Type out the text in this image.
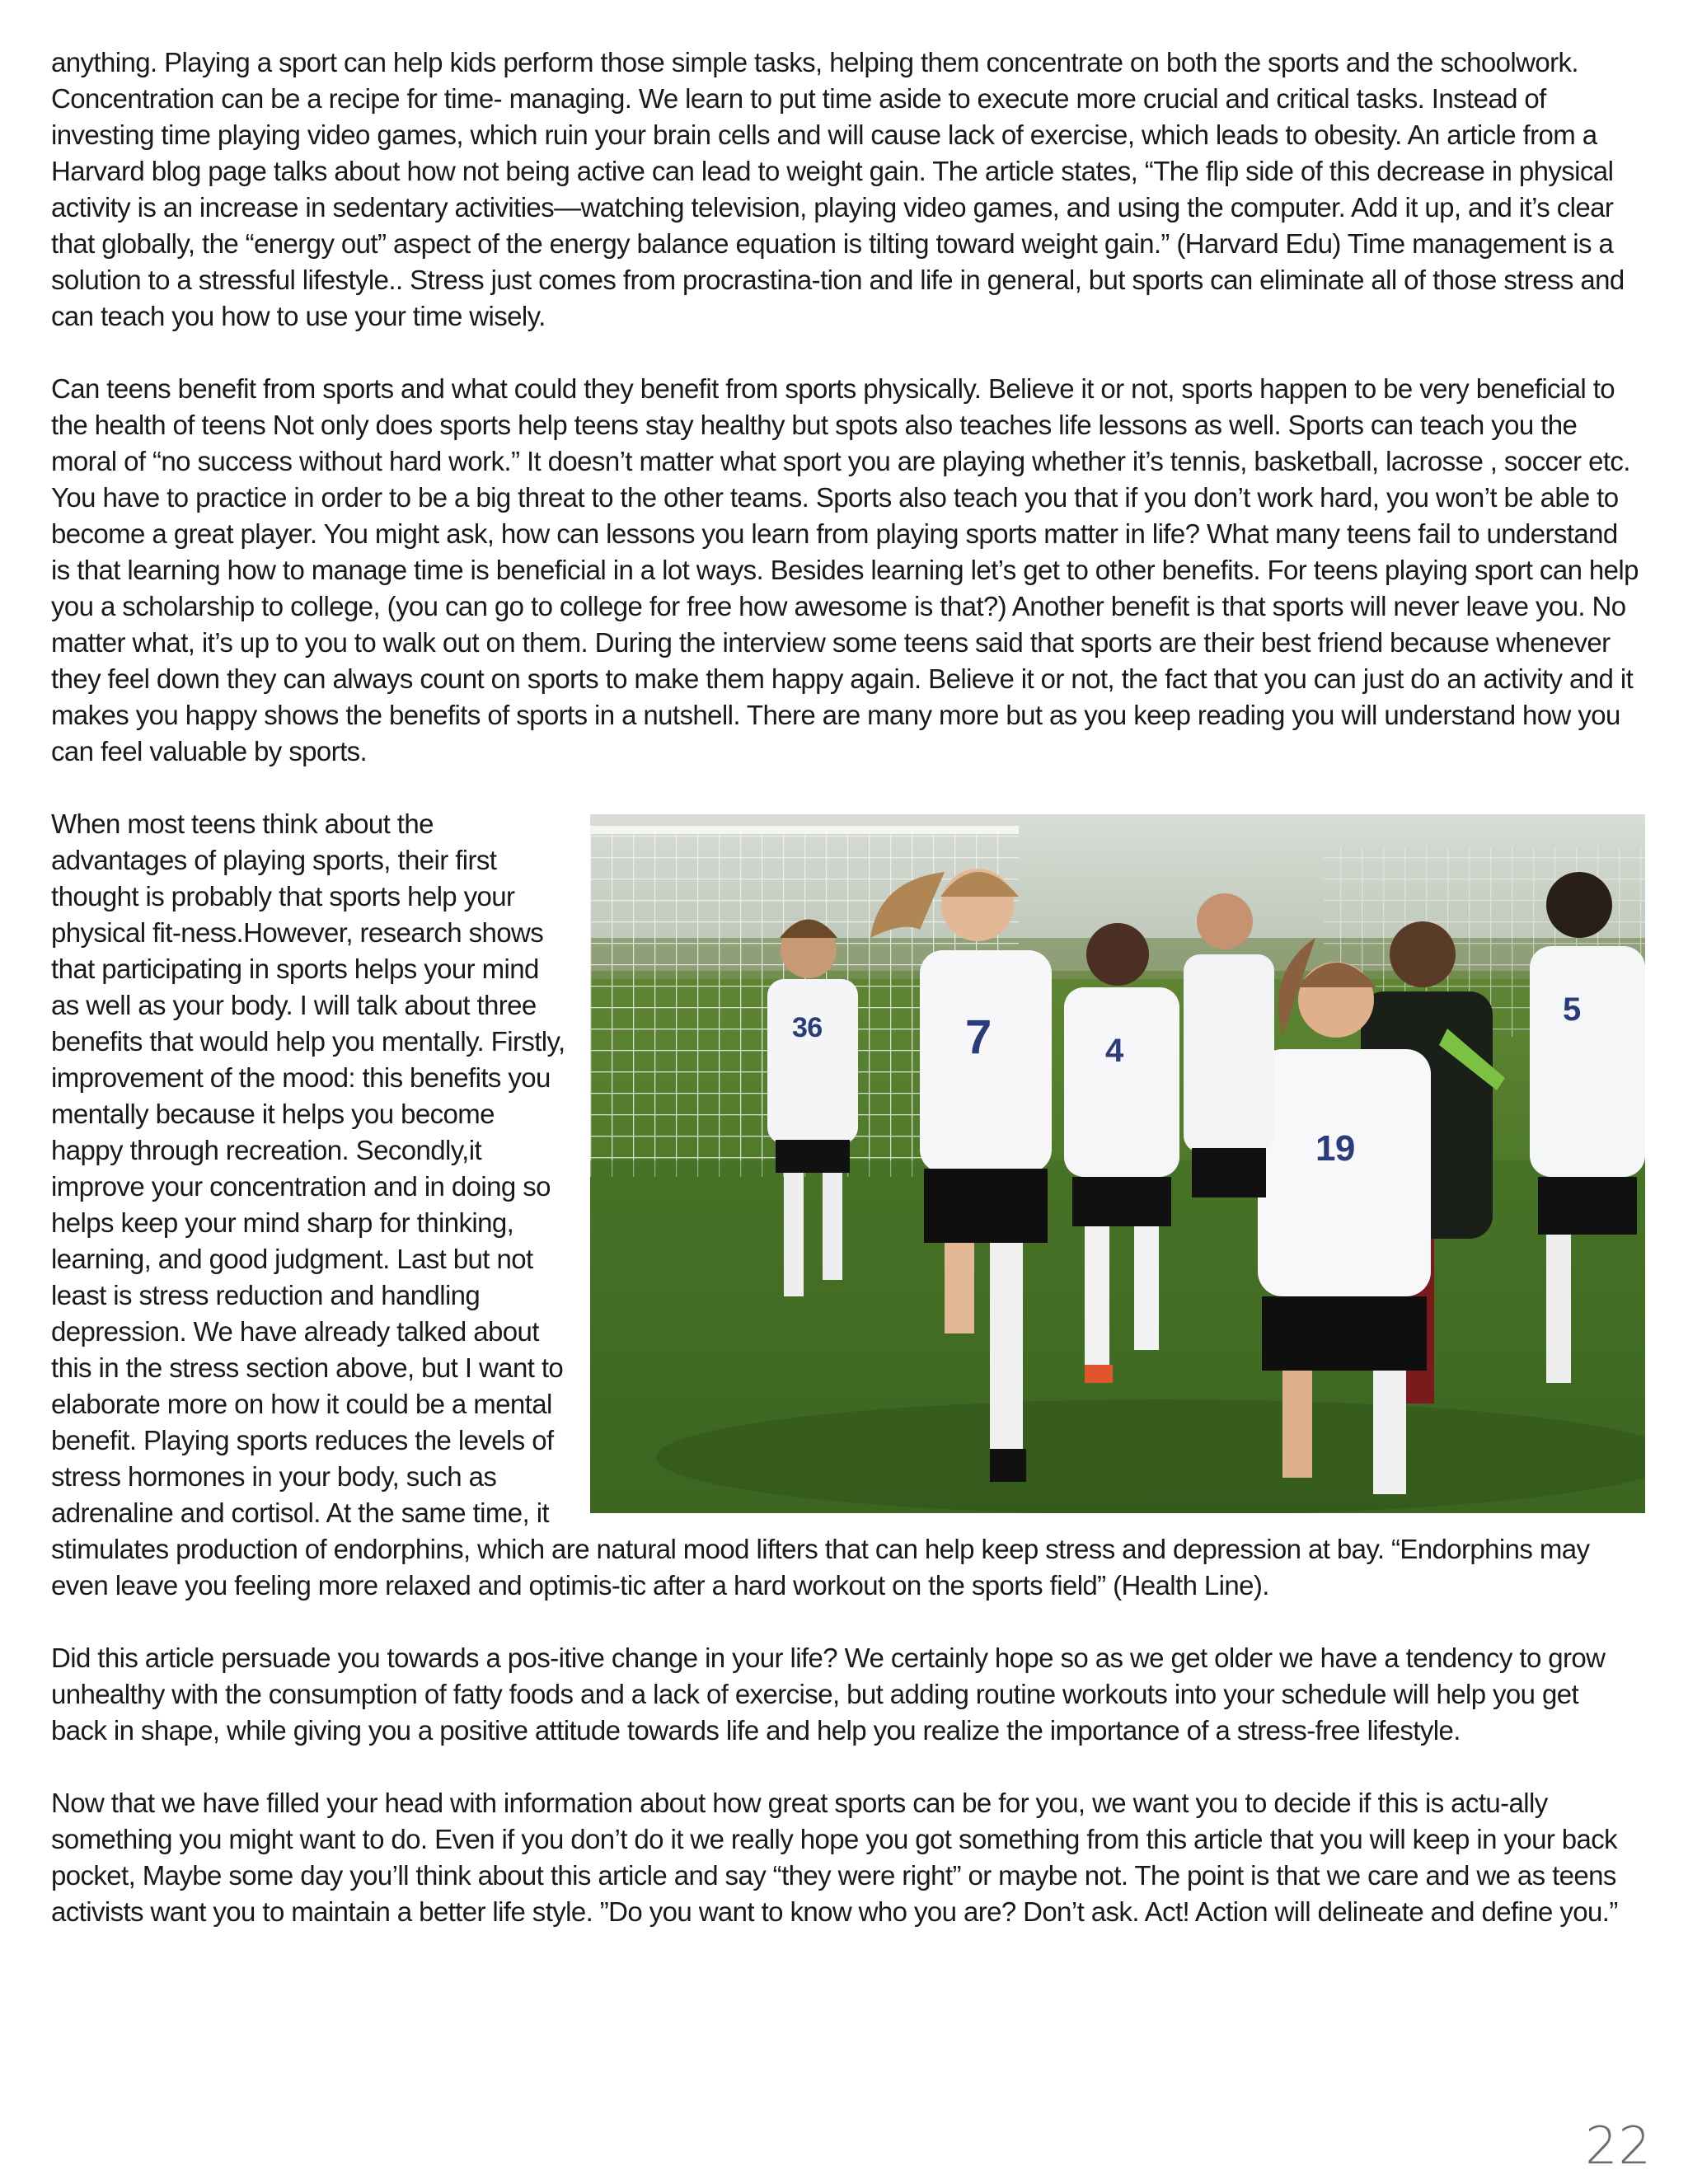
anything. Playing a sport can help kids perform those simple tasks, helping them concentrate on both the sports and the schoolwork. Concentration can be a recipe for time- managing. We learn to put time aside to execute more crucial and critical tasks. Instead of investing time playing video games, which ruin your brain cells and will cause lack of exercise, which leads to obesity. An article from a Harvard blog page talks about how not being active can lead to weight gain. The article states, “The flip side of this decrease in physical activity is an increase in sedentary activities—watching television, playing video games, and using the computer. Add it up, and it’s clear that globally, the “energy out” aspect of the energy balance equation is tilting toward weight gain.” (Harvard Edu) Time management is a solution to a stressful lifestyle.. Stress just comes from procrastina-tion and life in general, but sports can eliminate all of those stress and can teach you how to use your time wisely.

Can teens benefit from sports and what could they benefit from sports physically. Believe it or not, sports happen to be very beneficial to the health of teens Not only does sports help teens stay healthy but spots also teaches life lessons as well. Sports can teach you the moral of “no success without hard work.” It doesn’t matter what sport you are playing whether it’s tennis, basketball, lacrosse , soccer etc. You have to practice in order to be a big threat to the other teams. Sports also teach you that if you don’t work hard, you won’t be able to become a great player. You might ask, how can lessons you learn from playing sports matter in life? What many teens fail to understand is that learning how to manage time is beneficial in a lot ways. Besides learning let’s get to other benefits. For teens playing sport can help you a scholarship to college, (you can go to college for free how awesome is that?) Another benefit is that sports will never leave you. No matter what, it’s up to you to walk out on them. During the interview some teens said that sports are their best friend because whenever they feel down they can always count on sports to make them happy again. Believe it or not, the fact that you can just do an activity and it makes you happy shows the benefits of sports in a nutshell. There are many more but as you keep reading you will understand how you can feel valuable by sports.

36
4
7
19
5
When most teens think about the advantages of playing sports, their first thought is probably that sports help your physical fit-ness.However, research shows that participating in sports helps your mind as well as your body. I will talk about three benefits that would help you mentally. Firstly, improvement of the mood: this benefits you mentally because it helps you become happy through recreation. Secondly,it improve your concentration and in doing so helps keep your mind sharp for thinking, learning, and good judgment. Last but not least is stress reduction and handling depression. We have already talked about this in the stress section above, but I want to elaborate more on how it could be a mental benefit. Playing sports reduces the levels of stress hormones in your body, such as adrenaline and cortisol. At the same time, it stimulates production of endorphins, which are natural mood lifters that can help keep stress and depression at bay. “Endorphins may even leave you feeling more relaxed and optimis-tic after a hard workout on the sports field” (Health Line).

Did this article persuade you towards a pos-itive change in your life? We certainly hope so as we get older we have a tendency to grow unhealthy with the consumption of fatty foods and a lack of exercise, but adding routine workouts into your schedule will help you get back in shape, while giving you a positive attitude towards life and help you realize the importance of a stress-free lifestyle.

Now that we have filled your head with information about how great sports can be for you, we want you to decide if this is actu-ally something you might want to do. Even if you don’t do it we really hope you got something from this article that you will keep in your back pocket, Maybe some day you’ll think about this article and say “they were right” or maybe not. The point is that we care and we as teens activists want you to maintain a better life style. ”Do you want to know who you are? Don’t ask. Act! Action will delineate and define you.”

22
